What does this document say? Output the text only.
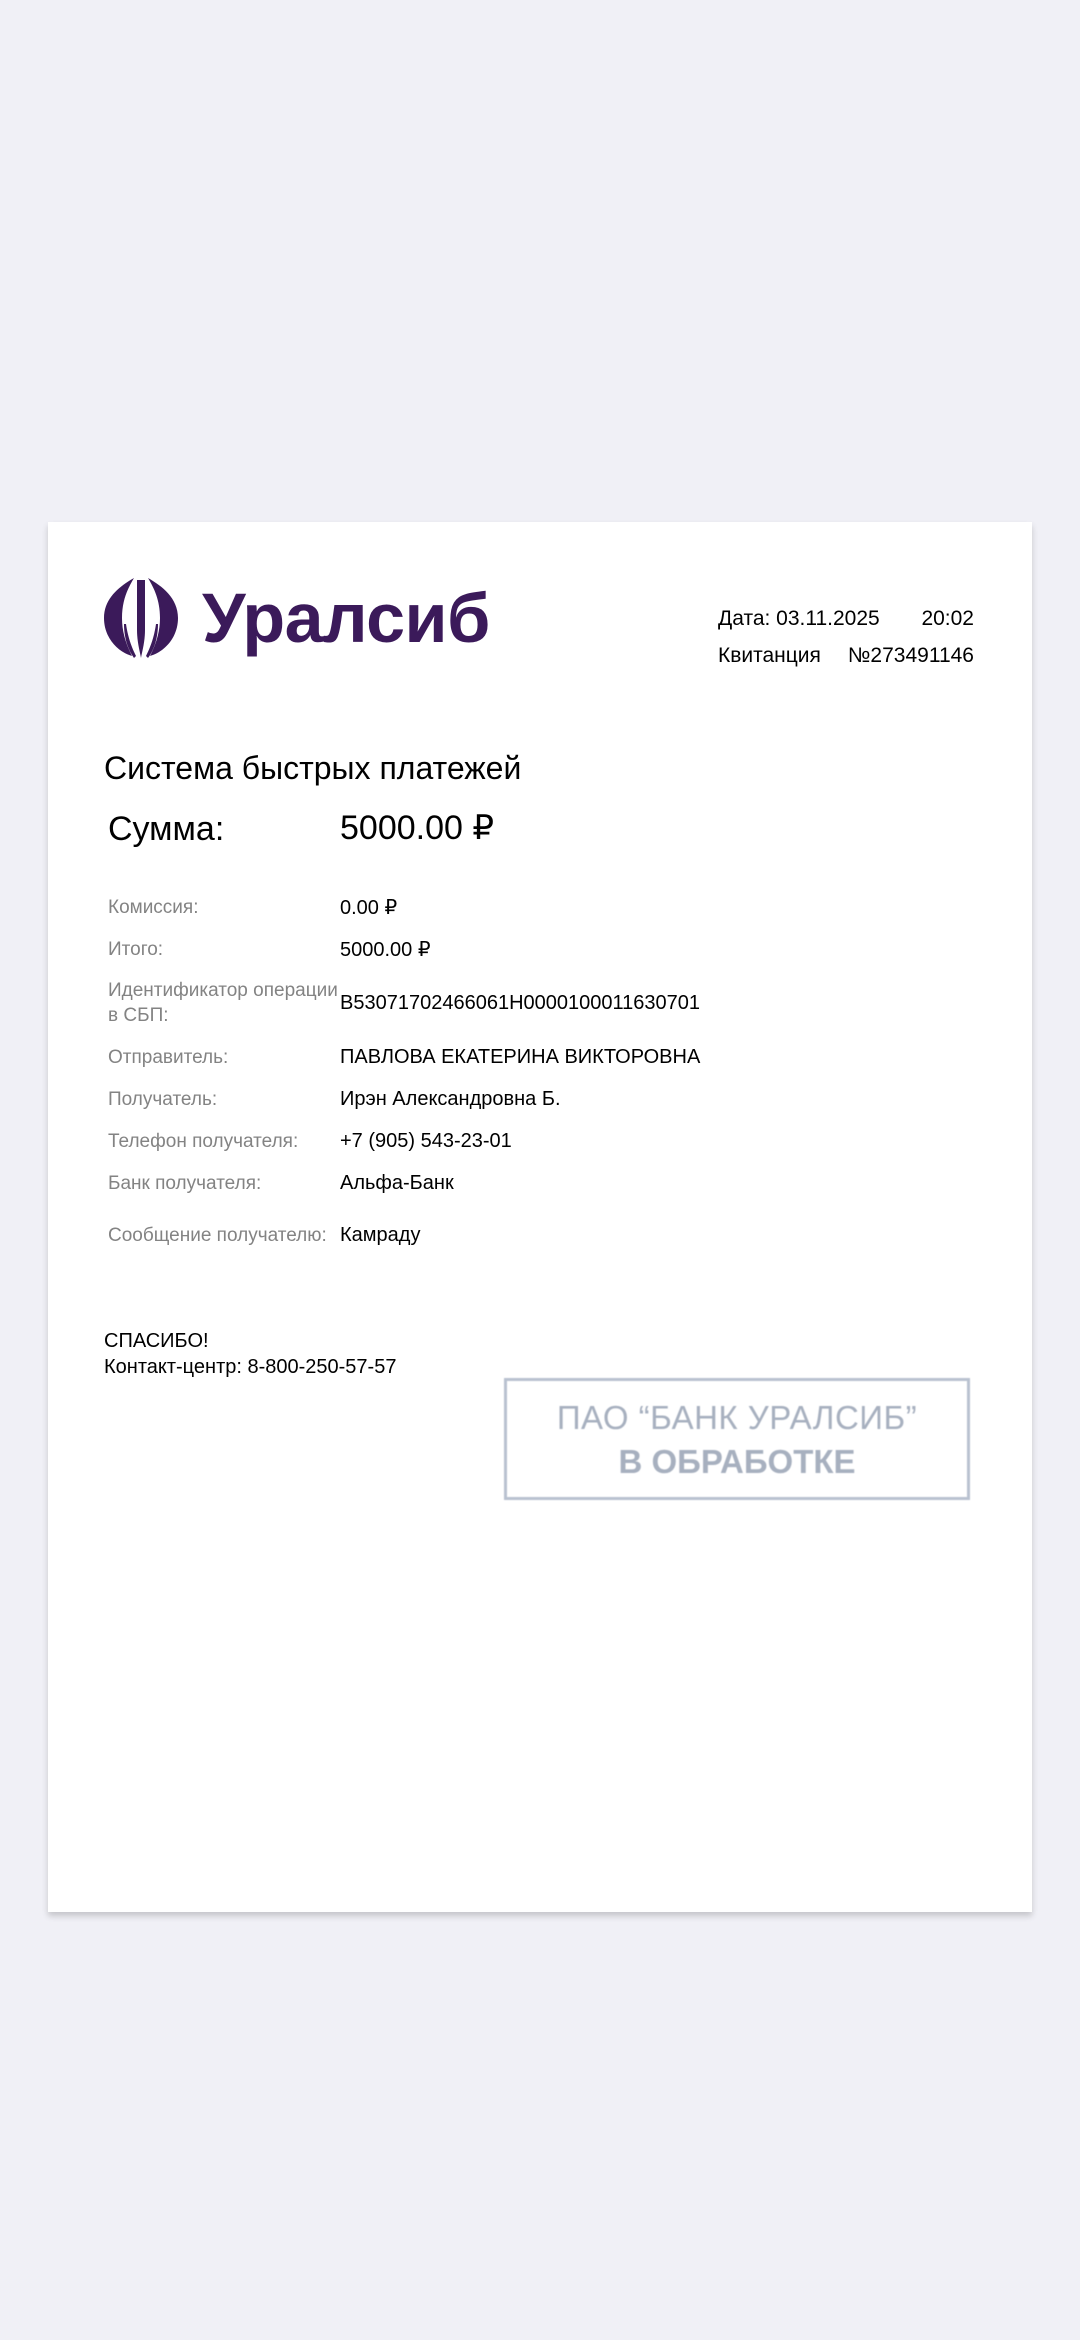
Уралсиб	Дата: 03.11.2025 20:02
Квитанция №273491146
Система быстрых платежей
Сумма:	5000.00 ₽
Комиссия:	0.00 ₽
Итого:	5000.00 ₽
Идентификатор операции в СБП:
B53071702466061H0000100011630701
Отправитель:	ПАВЛОВА ЕКАТЕРИНА ВИКТОРОВНА
Получатель:	Ирэн Александровна Б.
Телефон получателя:	+7 (905) 543-23-01
Банк получателя:	Альфа-Банк
Сообщение получателю: Камраду
СПАСИБО!
Контакт-центр: 8-800-250-57-57
ПАО “БАНК УРАЛСИБ”
В ОБРАБОТКЕ
